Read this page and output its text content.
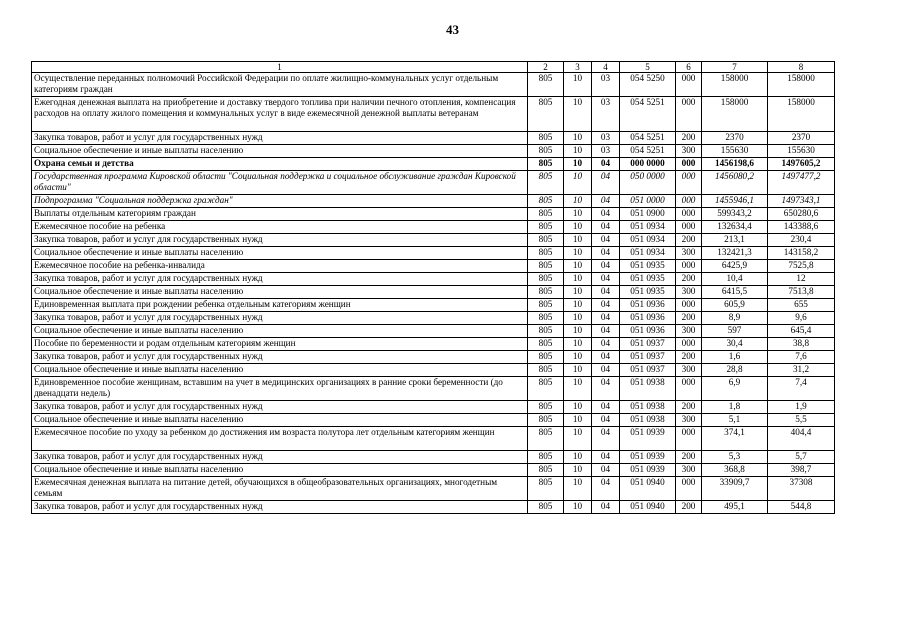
43
1	2	3	4	5	6	7	8
Осуществление переданных полномочий Российской Федерации по оплате жилищно-коммунальных услуг отдельным категориям граждан	805	10	03	054 5250	000	158000	158000
Ежегодная денежная выплата на приобретение и доставку твердого топлива при наличии печного отопления, компенсация расходов на оплату жилого помещения и коммунальных услуг в виде ежемесячной денежной выплаты ветеранам	805	10	03	054 5251	000	158000	158000
Закупка товаров, работ и услуг для государственных нужд	805	10	03	054 5251	200	2370	2370
Социальное обеспечение и иные выплаты населению	805	10	03	054 5251	300	155630	155630
Охрана семьи и детства	805	10	04	000 0000	000	1456198,6	1497605,2
Государственная программа Кировской области "Социальная поддержка и социальное обслуживание граждан Кировской области"	805	10	04	050 0000	000	1456080,2	1497477,2
Подпрограмма "Социальная поддержка граждан"	805	10	04	051 0000	000	1455946,1	1497343,1
Выплаты отдельным категориям граждан	805	10	04	051 0900	000	599343,2	650280,6
Ежемесячное пособие на ребенка	805	10	04	051 0934	000	132634,4	143388,6
Закупка товаров, работ и услуг для государственных нужд	805	10	04	051 0934	200	213,1	230,4
Социальное обеспечение и иные выплаты населению	805	10	04	051 0934	300	132421,3	143158,2
Ежемесячное пособие на ребенка-инвалида	805	10	04	051 0935	000	6425,9	7525,8
Закупка товаров, работ и услуг для государственных нужд	805	10	04	051 0935	200	10,4	12
Социальное обеспечение и иные выплаты населению	805	10	04	051 0935	300	6415,5	7513,8
Единовременная выплата при рождении ребенка отдельным категориям женщин	805	10	04	051 0936	000	605,9	655
Закупка товаров, работ и услуг для государственных нужд	805	10	04	051 0936	200	8,9	9,6
Социальное обеспечение и иные выплаты населению	805	10	04	051 0936	300	597	645,4
Пособие по беременности и родам отдельным категориям женщин	805	10	04	051 0937	000	30,4	38,8
Закупка товаров, работ и услуг для государственных нужд	805	10	04	051 0937	200	1,6	7,6
Социальное обеспечение и иные выплаты населению	805	10	04	051 0937	300	28,8	31,2
Единовременное пособие женщинам, вставшим на учет в медицинских организациях в ранние сроки беременности (до двенадцати недель)	805	10	04	051 0938	000	6,9	7,4
Закупка товаров, работ и услуг для государственных нужд	805	10	04	051 0938	200	1,8	1,9
Социальное обеспечение и иные выплаты населению	805	10	04	051 0938	300	5,1	5,5
Ежемесячное пособие по уходу за ребенком до достижения им возраста полутора лет отдельным категориям женщин	805	10	04	051 0939	000	374,1	404,4
Закупка товаров, работ и услуг для государственных нужд	805	10	04	051 0939	200	5,3	5,7
Социальное обеспечение и иные выплаты населению	805	10	04	051 0939	300	368,8	398,7
Ежемесячная денежная выплата на питание детей, обучающихся в общеобразовательных организациях, многодетным семьям	805	10	04	051 0940	000	33909,7	37308
Закупка товаров, работ и услуг для государственных нужд	805	10	04	051 0940	200	495,1	544,8
